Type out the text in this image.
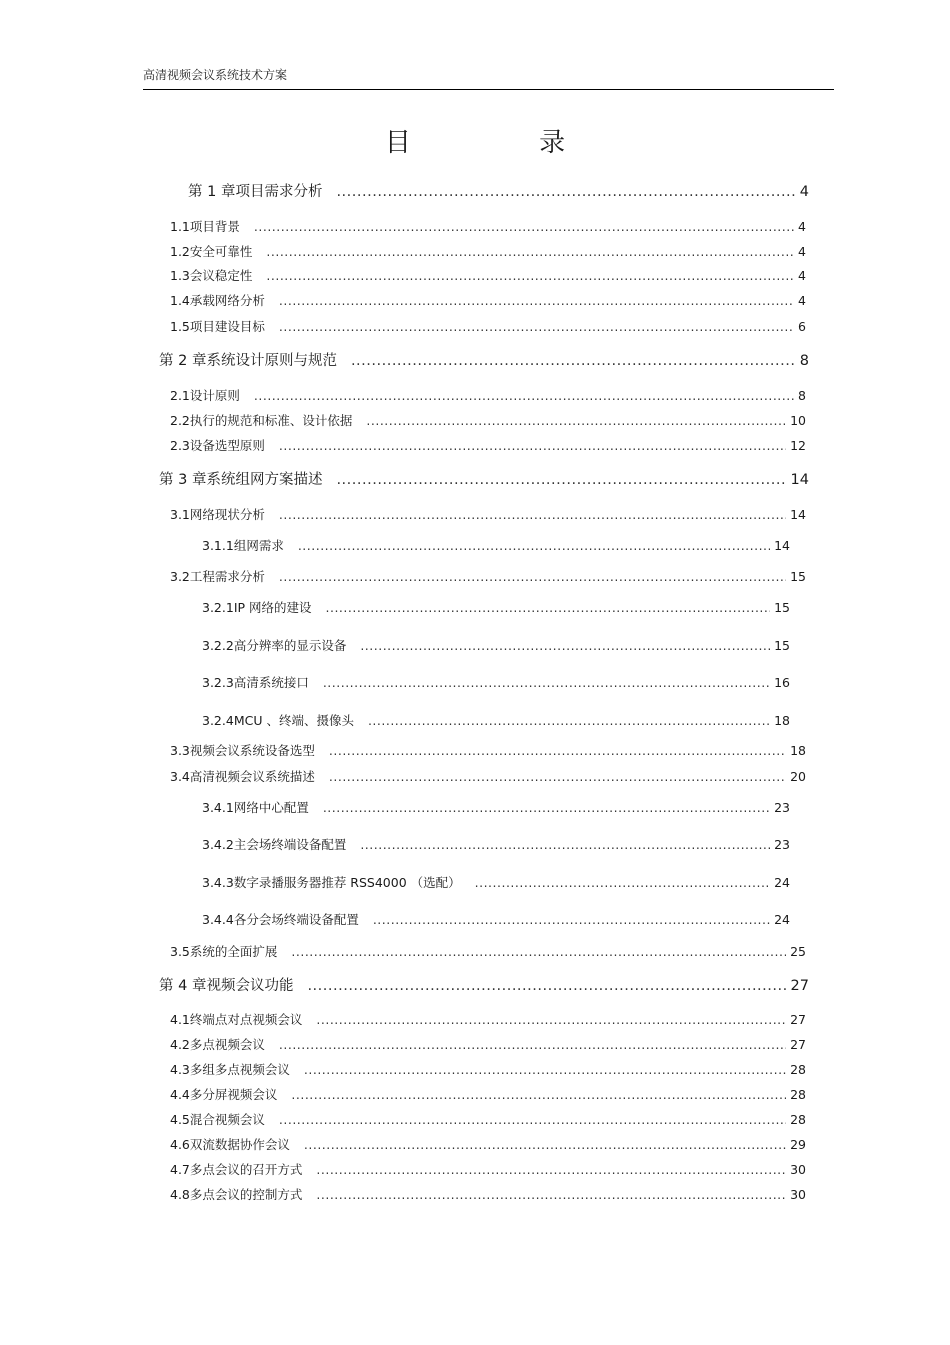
高清视频会议系统技术方案
目 录
第 1 章 项目需求分析 .....	4
1.1 项目背景 .....	4
1.2 安全可靠性 .....	4
1.3 会议稳定性 .....	4
1.4 承载网络分析 .....	4
1.5 项目建设目标 .....	6
第 2 章 系统设计原则与规范 .....	8
2.1 设计原则 .....	8
2.2 执行的规范和标准、设计依据 .....	10
2.3 设备选型原则 .....	12
第 3 章 系统组网方案描述 .....	14
3.1 网络现状分析 .....	14
3.1.1 组网需求 .....	14
3.2 工程需求分析 .....	15
3.2.1 IP 网络的建设 .....	15
3.2.2 高分辨率的显示设备 .....	15
3.2.3 高清系统接口 .....	16
3.2.4 MCU 、终端、摄像头 .....	18
3.3 视频会议系统设备选型 .....	18
3.4 高清视频会议系统描述 .....	20
3.4.1 网络中心配置 .....	23
3.4.2 主会场终端设备配置 .....	23
3.4.3 数字录播服务器推荐 RSS4000 （选配） .....	24
3.4.4 各分会场终端设备配置 .....	24
3.5 系统的全面扩展 .....	25
第 4 章 视频会议功能 .....	27
4.1 终端点对点视频会议 .....	27
4.2 多点视频会议 .....	27
4.3 多组多点视频会议 .....	28
4.4 多分屏视频会议 .....	28
4.5 混合视频会议 .....	28
4.6 双流数据协作会议 .....	29
4.7 多点会议的召开方式 .....	30
4.8 多点会议的控制方式 .....	30
